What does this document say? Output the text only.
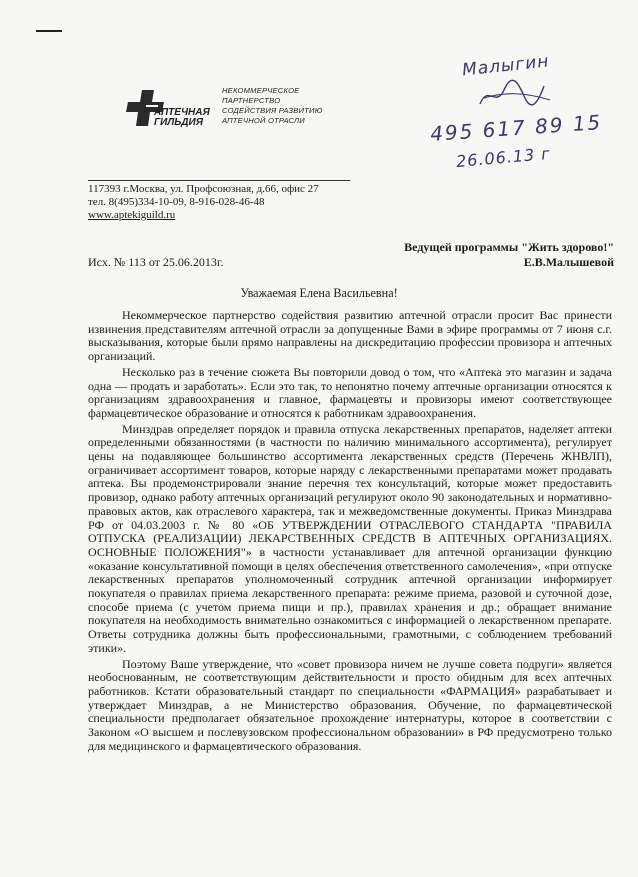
АПТЕЧНАЯ
ГИЛЬДИЯ
НЕКОММЕРЧЕСКОЕ
ПАРТНЕРСТВО
СОДЕЙСТВИЯ РАЗВИТИЮ
АПТЕЧНОЙ ОТРАСЛИ
Малыгин
495 617 89 15
26.06.13 г
117393 г.Москва, ул. Профсоюзная, д.66, офис 27
тел. 8(495)334-10-09, 8-916-028-46-48
www.aptekiguild.ru
Ведущей программы "Жить здорово!"
Е.В.Малышевой
Исх. № 113 от 25.06.2013г.
Уважаемая Елена Васильевна!

Некоммерческое партнерство содействия развитию аптечной отрасли просит Вас принести извинения представителям аптечной отрасли за допущенные Вами в эфире программы от 7 июня с.г. высказывания, которые были прямо направлены на дискредитацию профессии провизора и аптечных организаций.

Несколько раз в течение сюжета Вы повторили довод о том, что «Аптека это магазин и задача одна — продать и заработать». Если это так, то непонятно почему аптечные организации относятся к организациям здравоохранения и главное, фармацевты и провизоры имеют соответствующее фармацевтическое образование и относятся к работникам здравоохранения.

Минздрав определяет порядок и правила отпуска лекарственных препаратов, наделяет аптеки определенными обязанностями (в частности по наличию минимального ассортимента), регулирует цены на подавляющее большинство ассортимента лекарственных средств (Перечень ЖНВЛП), ограничивает ассортимент товаров, которые наряду с лекарственными препаратами может продавать аптека. Вы продемонстрировали знание перечня тех консультаций, которые может предоставить провизор, однако работу аптечных организаций регулируют около 90 законодательных и нормативно-правовых актов, как отраслевого характера, так и межведомственные документы. Приказ Минздрава РФ от 04.03.2003 г. № 80 «ОБ УТВЕРЖДЕНИИ ОТРАСЛЕВОГО СТАНДАРТА "ПРАВИЛА ОТПУСКА (РЕАЛИЗАЦИИ) ЛЕКАРСТВЕННЫХ СРЕДСТВ В АПТЕЧНЫХ ОРГАНИЗАЦИЯХ. ОСНОВНЫЕ ПОЛОЖЕНИЯ"» в частности устанавливает для аптечной организации функцию «оказание консультативной помощи в целях обеспечения ответственного самолечения», «при отпуске лекарственных препаратов уполномоченный сотрудник аптечной организации информирует покупателя о правилах приема лекарственного препарата: режиме приема, разовой и суточной дозе, способе приема (с учетом приема пищи и пр.), правилах хранения и др.; обращает внимание покупателя на необходимость внимательно ознакомиться с информацией о лекарственном препарате. Ответы сотрудника должны быть профессиональными, грамотными, с соблюдением требований этики».

Поэтому Ваше утверждение, что «совет провизора ничем не лучше совета подруги» является необоснованным, не соответствующим действительности и просто обидным для всех аптечных работников. Кстати образовательный стандарт по специальности «ФАРМАЦИЯ» разрабатывает и утверждает Минздрав, а не Министерство образования. Обучение, по фармацевтической специальности предполагает обязательное прохождение интернатуры, которое в соответствии с Законом «О высшем и послевузовском профессиональном образовании» в РФ предусмотрено только для медицинского и фармацевтического образования.
